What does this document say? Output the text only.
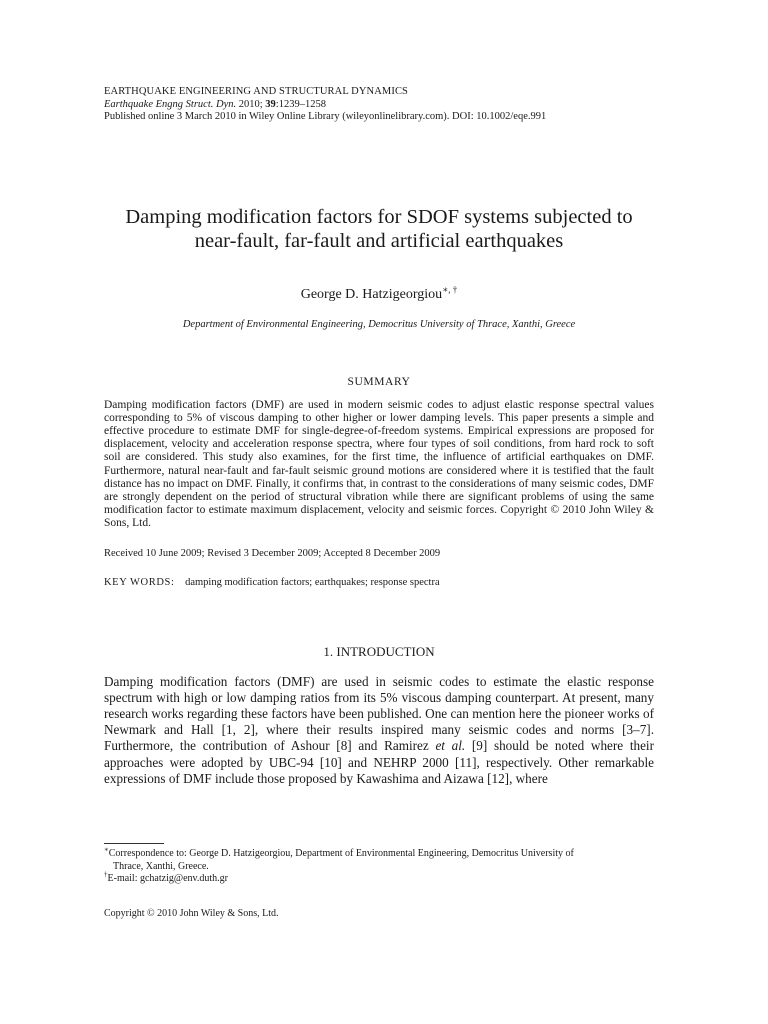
EARTHQUAKE ENGINEERING AND STRUCTURAL DYNAMICS
Earthquake Engng Struct. Dyn. 2010; 39:1239–1258
Published online 3 March 2010 in Wiley Online Library (wileyonlinelibrary.com). DOI: 10.1002/eqe.991
Damping modification factors for SDOF systems subjected to
near-fault, far-fault and artificial earthquakes
George D. Hatzigeorgiou∗, †
Department of Environmental Engineering, Democritus University of Thrace, Xanthi, Greece
SUMMARY
Damping modification factors (DMF) are used in modern seismic codes to adjust elastic response spectral values corresponding to 5% of viscous damping to other higher or lower damping levels. This paper presents a simple and effective procedure to estimate DMF for single-degree-of-freedom systems. Empirical expressions are proposed for displacement, velocity and acceleration response spectra, where four types of soil conditions, from hard rock to soft soil are considered. This study also examines, for the first time, the influence of artificial earthquakes on DMF. Furthermore, natural near-fault and far-fault seismic ground motions are considered where it is testified that the fault distance has no impact on DMF. Finally, it confirms that, in contrast to the considerations of many seismic codes, DMF are strongly dependent on the period of structural vibration while there are significant problems of using the same modification factor to estimate maximum displacement, velocity and seismic forces. Copyright © 2010 John Wiley & Sons, Ltd.
Received 10 June 2009; Revised 3 December 2009; Accepted 8 December 2009
KEY WORDS: damping modification factors; earthquakes; response spectra
1. INTRODUCTION
Damping modification factors (DMF) are used in seismic codes to estimate the elastic response spectrum with high or low damping ratios from its 5% viscous damping counterpart. At present, many research works regarding these factors have been published. One can mention here the pioneer works of Newmark and Hall [1, 2], where their results inspired many seismic codes and norms [3–7]. Furthermore, the contribution of Ashour [8] and Ramirez et al. [9] should be noted where their approaches were adopted by UBC-94 [10] and NEHRP 2000 [11], respectively. Other remarkable expressions of DMF include those proposed by Kawashima and Aizawa [12], where
∗Correspondence to: George D. Hatzigeorgiou, Department of Environmental Engineering, Democritus University of
Thrace, Xanthi, Greece.
†E-mail: gchatzig@env.duth.gr
Copyright © 2010 John Wiley & Sons, Ltd.
